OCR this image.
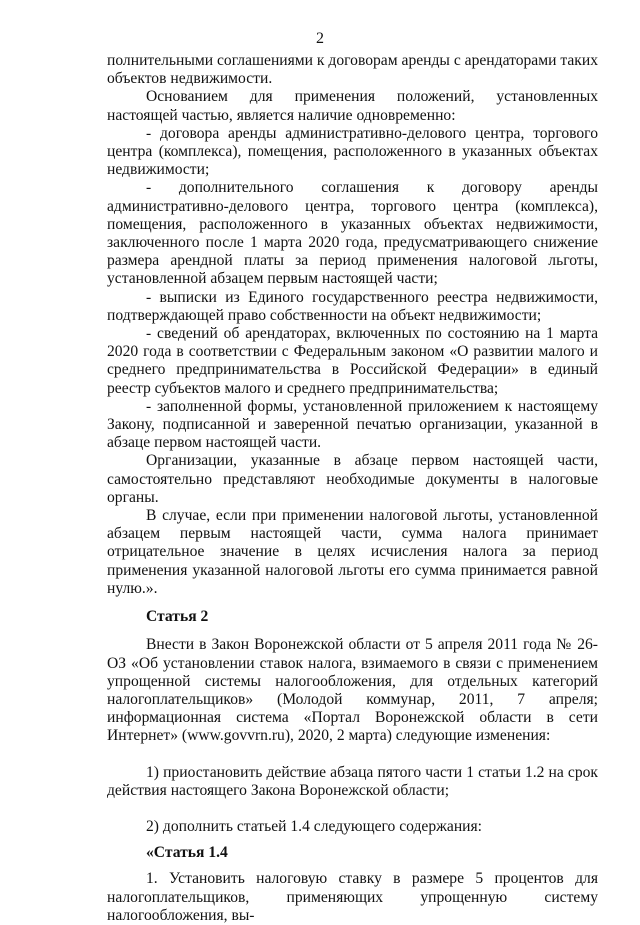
2

полнительными соглашениями к договорам аренды с арендаторами таких объектов недвижимости.

Основанием для применения положений, установленных настоящей частью, является наличие одновременно:

- договора аренды административно-делового центра, торгового центра (комплекса), помещения, расположенного в указанных объектах недвижимости;

- дополнительного соглашения к договору аренды административно-делового центра, торгового центра (комплекса), помещения, расположенного в указанных объектах недвижимости, заключенного после 1 марта 2020 года, предусматривающего снижение размера арендной платы за период применения налоговой льготы, установленной абзацем первым настоящей части;

- выписки из Единого государственного реестра недвижимости, подтверждающей право собственности на объект недвижимости;

- сведений об арендаторах, включенных по состоянию на 1 марта 2020 года в соответствии с Федеральным законом «О развитии малого и среднего предпринимательства в Российской Федерации» в единый реестр субъектов малого и среднего предпринимательства;

- заполненной формы, установленной приложением к настоящему Закону, подписанной и заверенной печатью организации, указанной в абзаце первом настоящей части.

Организации, указанные в абзаце первом настоящей части, самостоятельно представляют необходимые документы в налоговые органы.

В случае, если при применении налоговой льготы, установленной абзацем первым настоящей части, сумма налога принимает отрицательное значение в целях исчисления налога за период применения указанной налоговой льготы его сумма принимается равной нулю.».

Статья 2

Внести в Закон Воронежской области от 5 апреля 2011 года № 26-ОЗ «Об установлении ставок налога, взимаемого в связи с применением упрощенной системы налогообложения, для отдельных категорий налогоплательщиков» (Молодой коммунар, 2011, 7 апреля; информационная система «Портал Воронежской области в сети Интернет» (www.govvrn.ru), 2020, 2 марта) следующие изменения:

1) приостановить действие абзаца пятого части 1 статьи 1.2 на срок действия настоящего Закона Воронежской области;

2) дополнить статьей 1.4 следующего содержания:

«Статья 1.4

1. Установить налоговую ставку в размере 5 процентов для налогоплательщиков, применяющих упрощенную систему налогообложения, вы-
